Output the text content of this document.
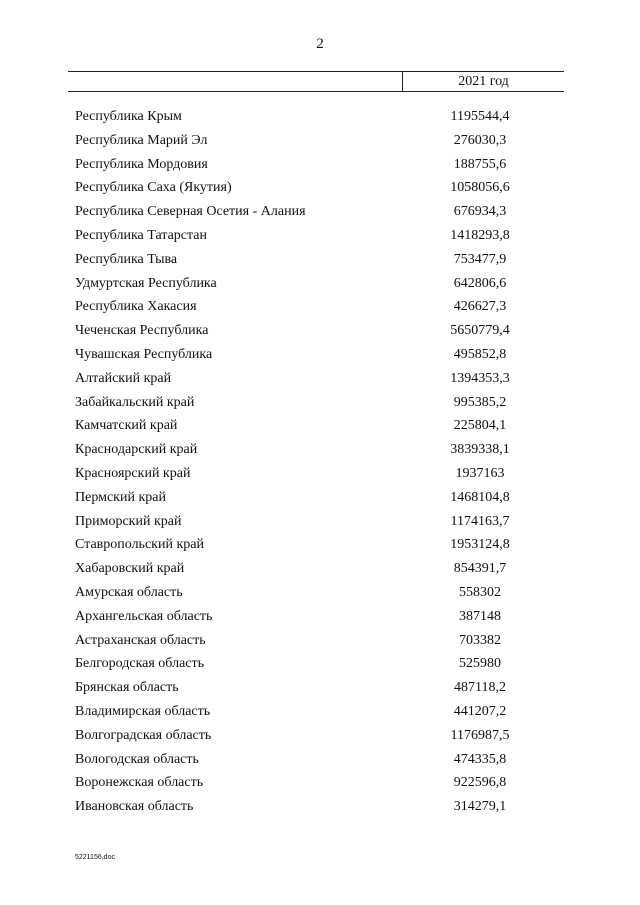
2
2021 год
Республика Крым	1195544,4
Республика Марий Эл	276030,3
Республика Мордовия	188755,6
Республика Саха (Якутия)	1058056,6
Республика Северная Осетия - Алания	676934,3
Республика Татарстан	1418293,8
Республика Тыва	753477,9
Удмуртская Республика	642806,6
Республика Хакасия	426627,3
Чеченская Республика	5650779,4
Чувашская Республика	495852,8
Алтайский край	1394353,3
Забайкальский край	995385,2
Камчатский край	225804,1
Краснодарский край	3839338,1
Красноярский край	1937163
Пермский край	1468104,8
Приморский край	1174163,7
Ставропольский край	1953124,8
Хабаровский край	854391,7
Амурская область	558302
Архангельская область	387148
Астраханская область	703382
Белгородская область	525980
Брянская область	487118,2
Владимирская область	441207,2
Волгоградская область	1176987,5
Вологодская область	474335,8
Воронежская область	922596,8
Ивановская область	314279,1
5221156.doc
